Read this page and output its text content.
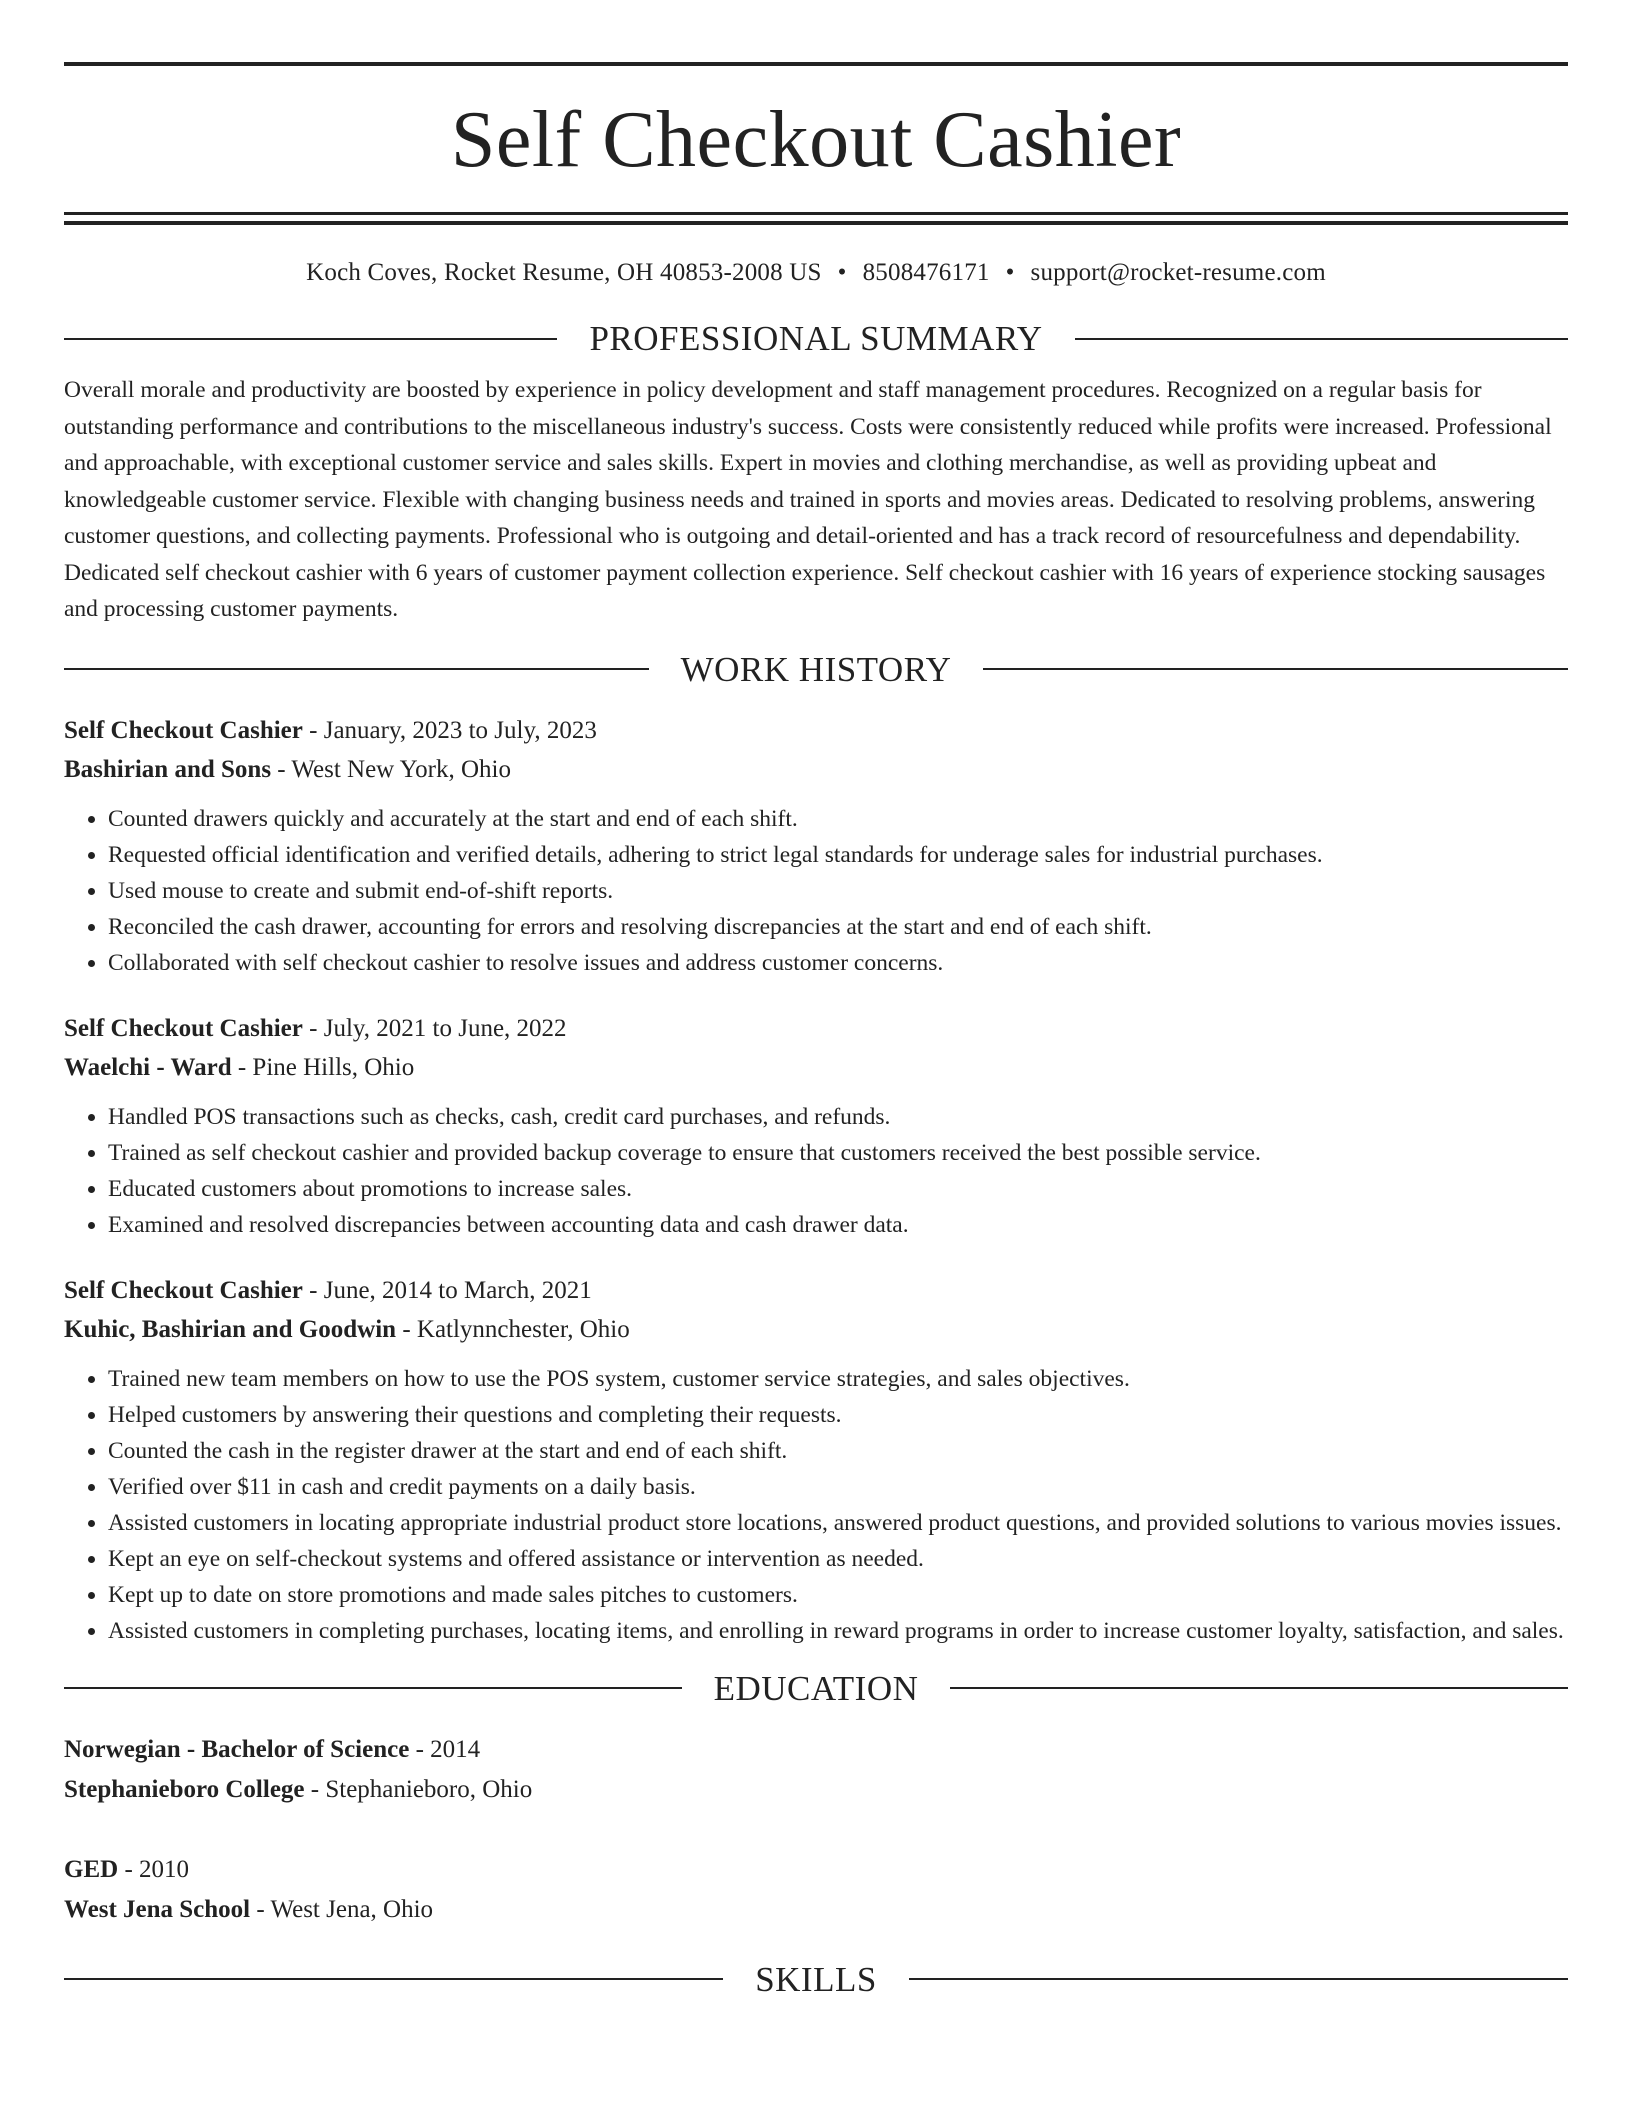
Self Checkout Cashier
Koch Coves, Rocket Resume, OH 40853-2008 US • 8508476171 • support@rocket-resume.com
PROFESSIONAL SUMMARY

Overall morale and productivity are boosted by experience in policy development and staff management procedures. Recognized on a regular basis for outstanding performance and contributions to the miscellaneous industry's success. Costs were consistently reduced while profits were increased. Professional and approachable, with exceptional customer service and sales skills. Expert in movies and clothing merchandise, as well as providing upbeat and knowledgeable customer service. Flexible with changing business needs and trained in sports and movies areas. Dedicated to resolving problems, answering customer questions, and collecting payments. Professional who is outgoing and detail-oriented and has a track record of resourcefulness and dependability. Dedicated self checkout cashier with 6 years of customer payment collection experience. Self checkout cashier with 16 years of experience stocking sausages and processing customer payments.

WORK HISTORY
Self Checkout Cashier - January, 2023 to July, 2023
Bashirian and Sons - West New York, Ohio
• Counted drawers quickly and accurately at the start and end of each shift.
• Requested official identification and verified details, adhering to strict legal standards for underage sales for industrial purchases.
• Used mouse to create and submit end-of-shift reports.
• Reconciled the cash drawer, accounting for errors and resolving discrepancies at the start and end of each shift.
• Collaborated with self checkout cashier to resolve issues and address customer concerns.
Self Checkout Cashier - July, 2021 to June, 2022
Waelchi - Ward - Pine Hills, Ohio
• Handled POS transactions such as checks, cash, credit card purchases, and refunds.
• Trained as self checkout cashier and provided backup coverage to ensure that customers received the best possible service.
• Educated customers about promotions to increase sales.
• Examined and resolved discrepancies between accounting data and cash drawer data.
Self Checkout Cashier - June, 2014 to March, 2021
Kuhic, Bashirian and Goodwin - Katlynnchester, Ohio
• Trained new team members on how to use the POS system, customer service strategies, and sales objectives.
• Helped customers by answering their questions and completing their requests.
• Counted the cash in the register drawer at the start and end of each shift.
• Verified over $11 in cash and credit payments on a daily basis.
• Assisted customers in locating appropriate industrial product store locations, answered product questions, and provided solutions to various movies issues.
• Kept an eye on self-checkout systems and offered assistance or intervention as needed.
• Kept up to date on store promotions and made sales pitches to customers.
• Assisted customers in completing purchases, locating items, and enrolling in reward programs in order to increase customer loyalty, satisfaction, and sales.
EDUCATION
Norwegian - Bachelor of Science - 2014
Stephanieboro College - Stephanieboro, Ohio
GED - 2010
West Jena School - West Jena, Ohio
SKILLS
